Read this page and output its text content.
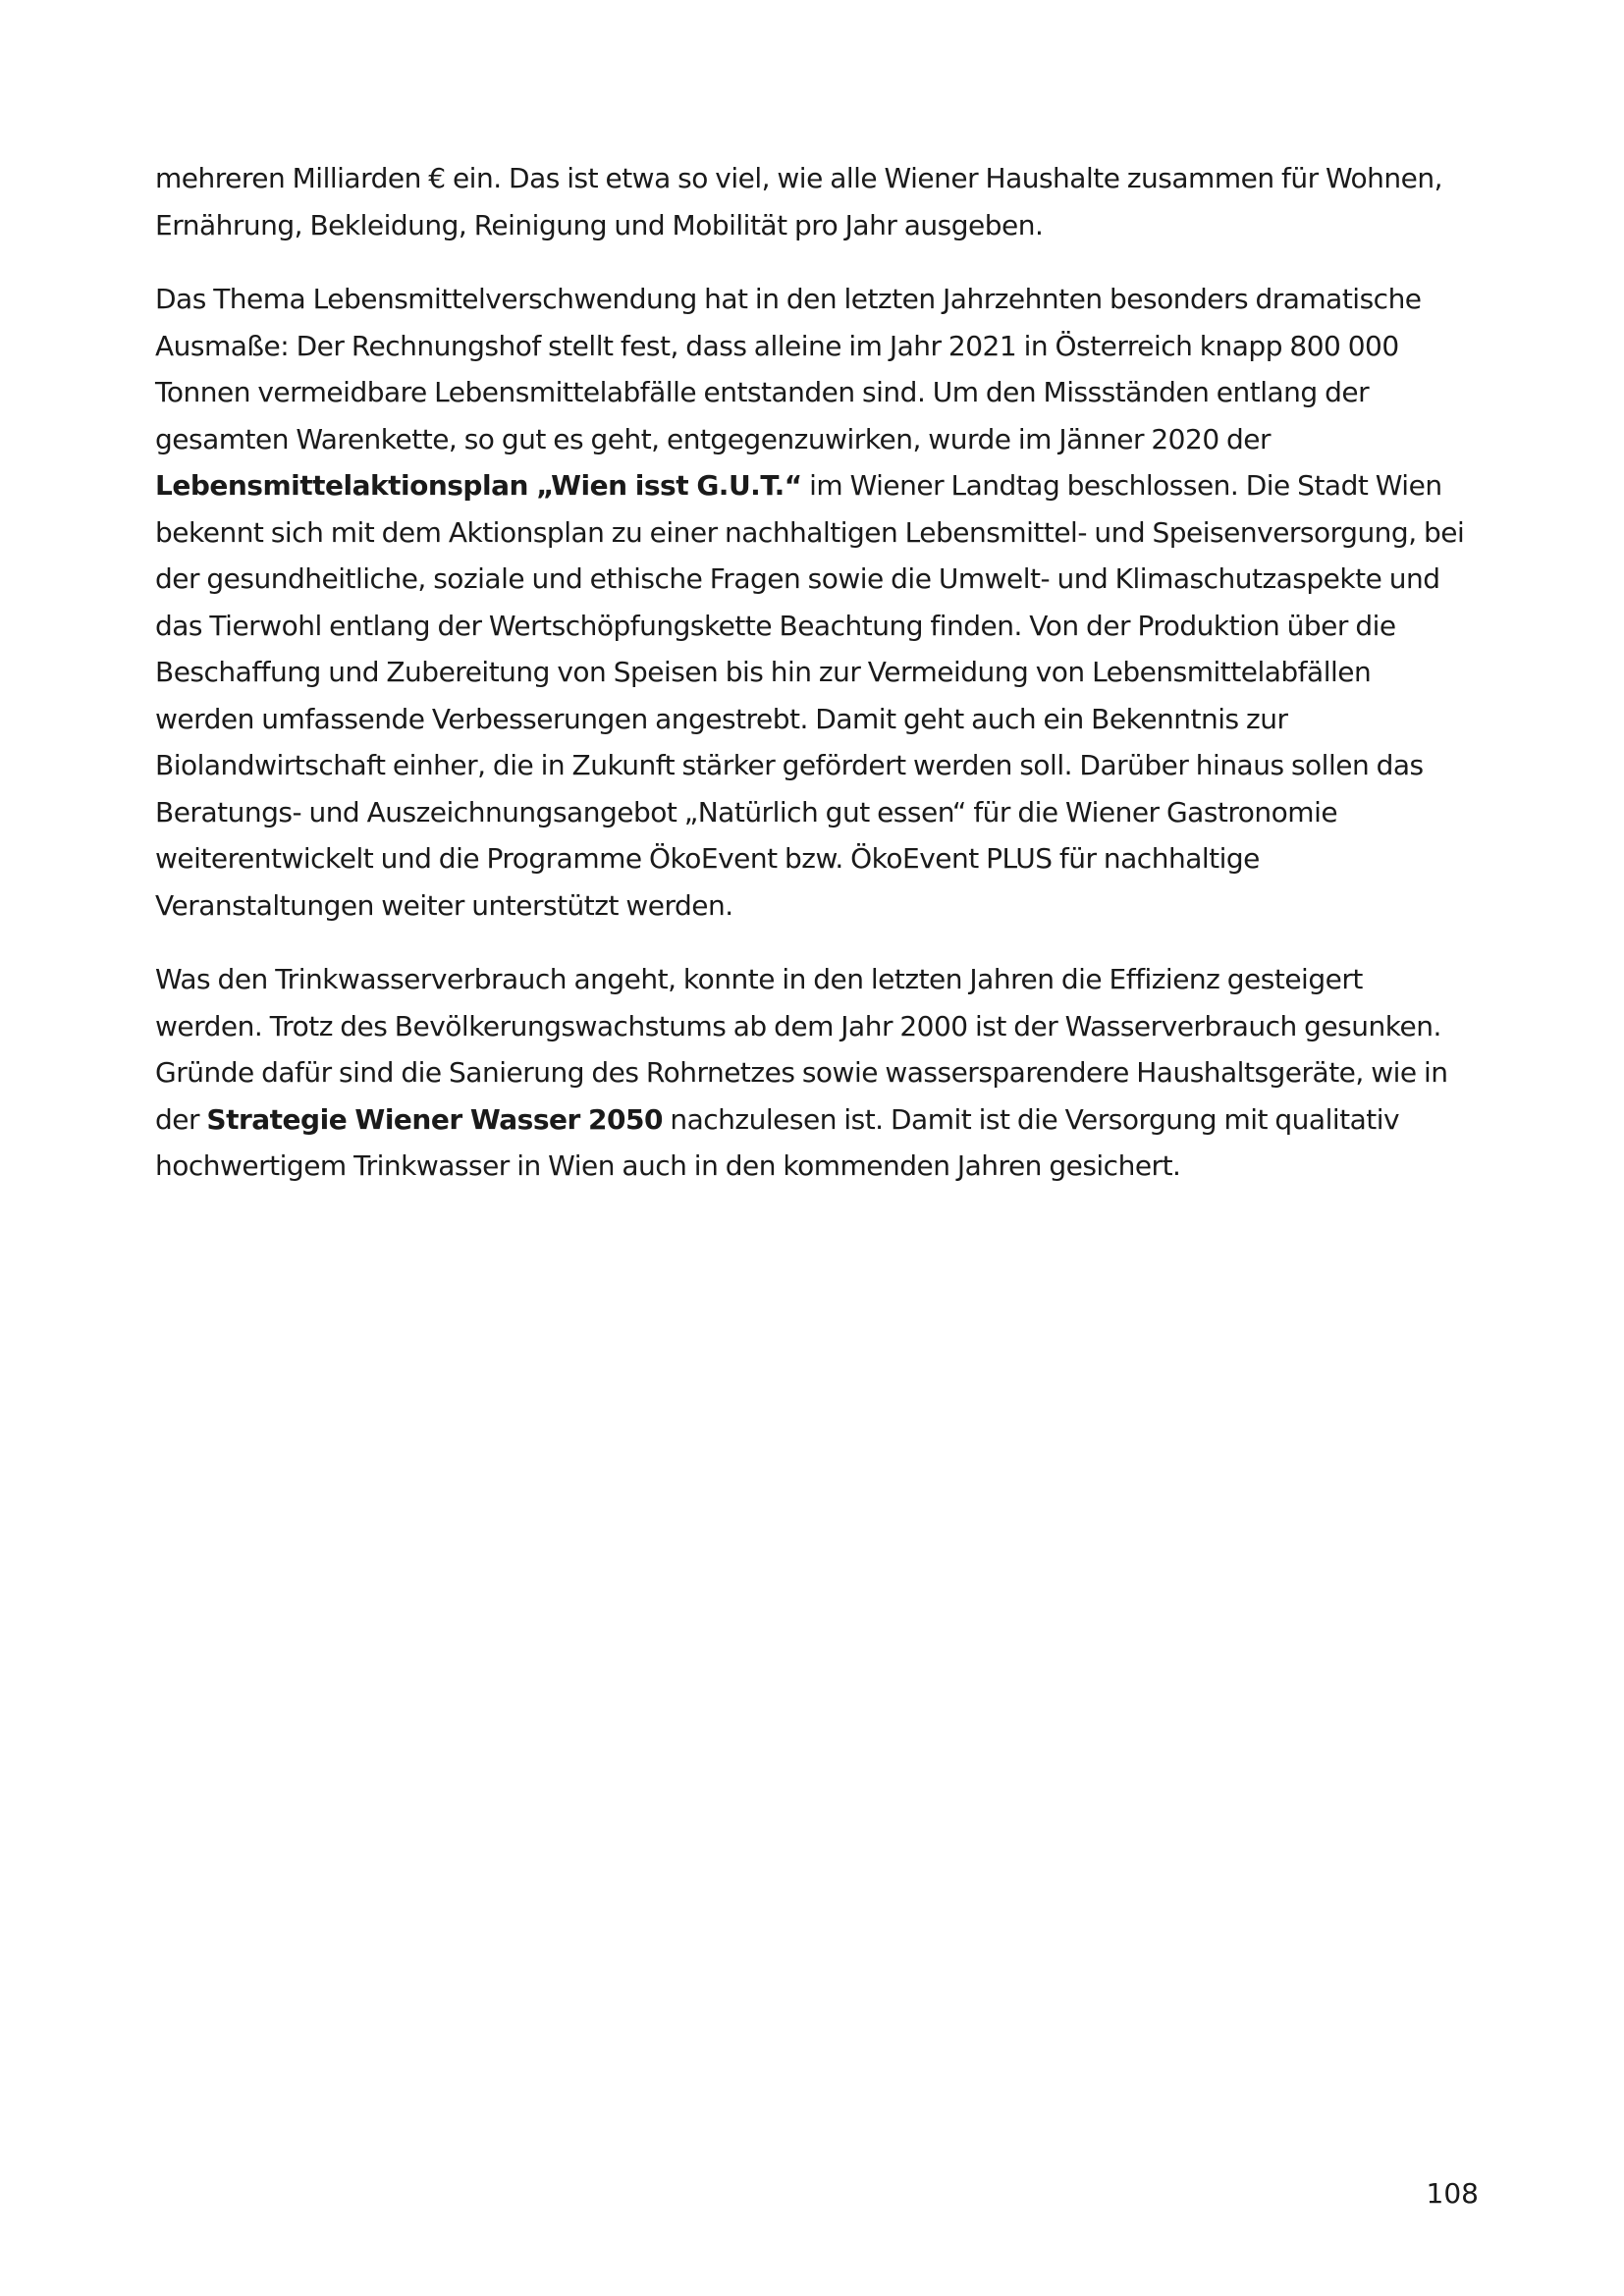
mehreren Milliarden € ein. Das ist etwa so viel, wie alle Wiener Haushalte zusammen für Wohnen, Ernährung, Bekleidung, Reinigung und Mobilität pro Jahr ausgeben.

Das Thema Lebensmittelverschwendung hat in den letzten Jahrzehnten besonders dramatische Ausmaße: Der Rechnungshof stellt fest, dass alleine im Jahr 2021 in Österreich knapp 800 000 Tonnen vermeidbare Lebensmittelabfälle entstanden sind. Um den Missständen entlang der gesamten Warenkette, so gut es geht, entgegenzuwirken, wurde im Jänner 2020 der Lebensmittelaktionsplan „Wien isst G.U.T.“ im Wiener Landtag beschlossen. Die Stadt Wien bekennt sich mit dem Aktionsplan zu einer nachhaltigen Lebensmittel- und Speisenversorgung, bei der gesundheitliche, soziale und ethische Fragen sowie die Umwelt- und Klimaschutzaspekte und das Tierwohl entlang der Wertschöpfungskette Beachtung finden. Von der Produktion über die Beschaffung und Zubereitung von Speisen bis hin zur Vermeidung von Lebensmittelabfällen werden umfassende Verbesserungen angestrebt. Damit geht auch ein Bekenntnis zur Biolandwirtschaft einher, die in Zukunft stärker gefördert werden soll. Darüber hinaus sollen das Beratungs- und Auszeichnungsangebot „Natürlich gut essen“ für die Wiener Gastronomie weiterentwickelt und die Programme ÖkoEvent bzw. ÖkoEvent PLUS für nachhaltige Veranstaltungen weiter unterstützt werden.

Was den Trinkwasserverbrauch angeht, konnte in den letzten Jahren die Effizienz gesteigert werden. Trotz des Bevölkerungswachstums ab dem Jahr 2000 ist der Wasserverbrauch gesunken. Gründe dafür sind die Sanierung des Rohrnetzes sowie wassersparendere Haushaltsgeräte, wie in der Strategie Wiener Wasser 2050 nachzulesen ist. Damit ist die Versorgung mit qualitativ hochwertigem Trinkwasser in Wien auch in den kommenden Jahren gesichert.

108
